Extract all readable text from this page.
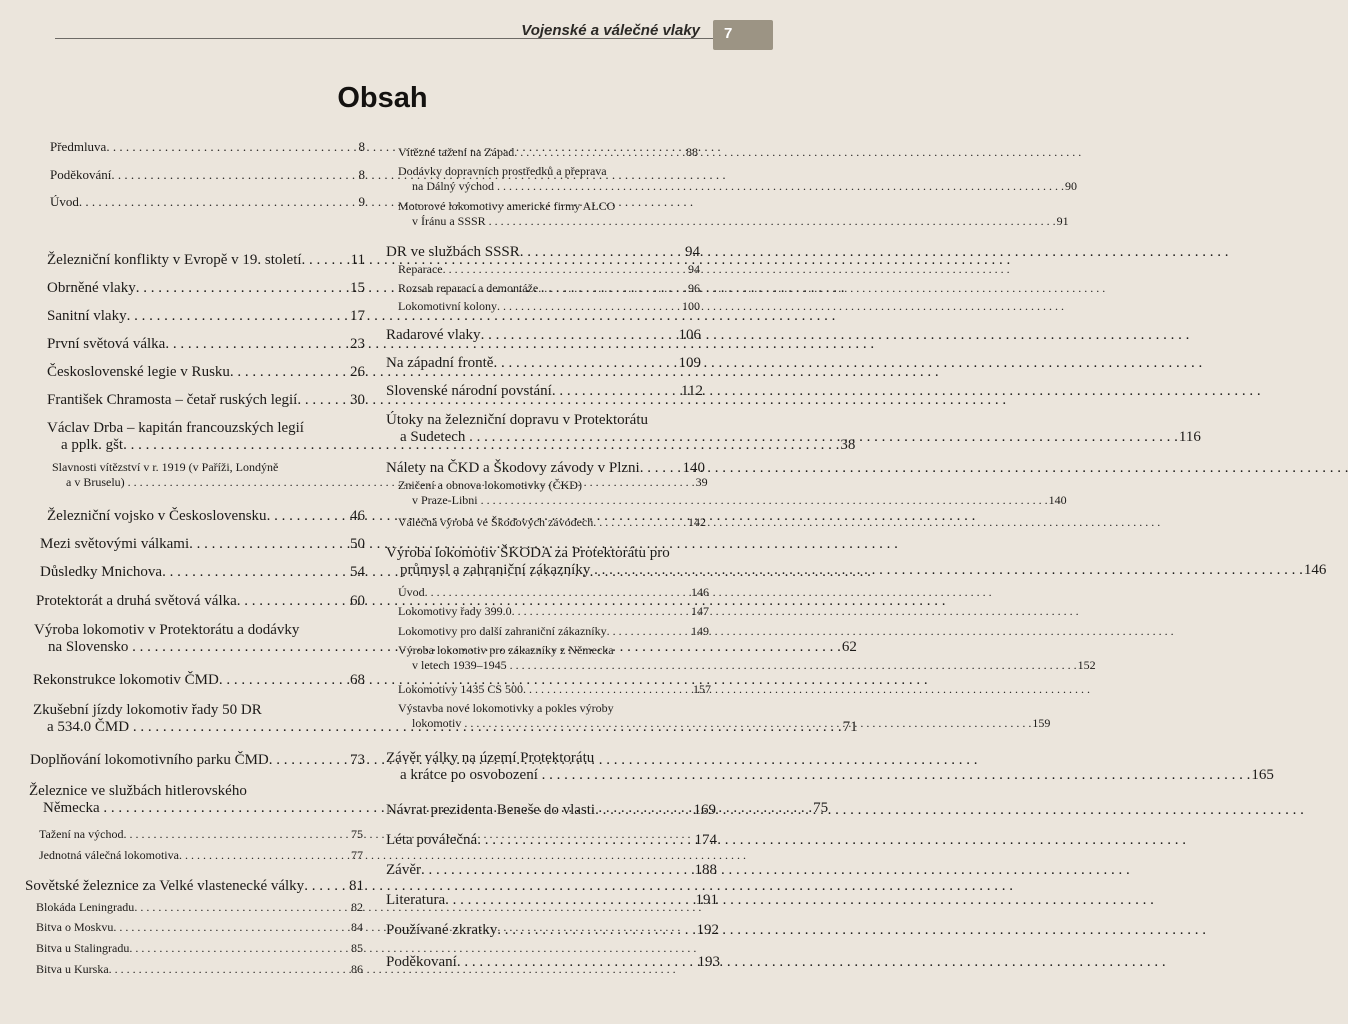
Vojenské a válečné vlaky 7
Obsah
Předmluva . . .	8
Poděkování . . .	8
Úvod . . .	9
Železniční konflikty v Evropě v 19. století . . .	11
Obrněné vlaky . . .	15
Sanitní vlaky . . .	17
První světová válka . . .	23
Československé legie v Rusku . . .	26
František Chramosta – četař ruských legií . . .	30
Václav Drba – kapitán francouzských legií
a pplk. gšt. . . .	38
Slavnosti vítězství v r. 1919 (v Paříži, Londýně
a v Bruselu) . . .	39
Železniční vojsko v Československu . . .	46
Mezi světovými válkami . . .	50
Důsledky Mnichova . . .	54
Protektorát a druhá světová válka . . .	60
Výroba lokomotiv v Protektorátu a dodávky
na Slovensko . . .	62
Rekonstrukce lokomotiv ČMD . . .	68
Zkušební jízdy lokomotiv řady 50 DR
a 534.0 ČMD . . .	71
Doplňování lokomotivního parku ČMD . . .	73
Železnice ve službách hitlerovského
Německa . . .	75
Tažení na východ . . .	75
Jednotná válečná lokomotiva . . .	77
Sovětské železnice za Velké vlastenecké války . . .	81
Blokáda Leningradu . . .	82
Bitva o Moskvu . . .	84
Bitva u Stalingradu . . .	85
Bitva u Kurska . . .	86
Vítězné tažení na Západ . . .	88
Dodávky dopravních prostředků a přeprava
na Dálný východ . . .	90
Motorové lokomotivy americké firmy ALCO
v Íránu a SSSR . . .	91
DR ve službách SSSR . . .	94
Reparace . . .	94
Rozsah reparací a demontáže . . .	96
Lokomotivní kolony . . .	100
Radarové vlaky . . .	106
Na západní frontě . . .	109
Slovenské národní povstání . . .	112
Útoky na železniční dopravu v Protektorátu
a Sudetech . . .	116
Nálety na ČKD a Škodovy závody v Plzni . . .	140
Zničení a obnova lokomotivky (ČKD)
v Praze-Libni . . .	140
Válečná výroba ve Škodových závodech . . .	142
Výroba lokomotiv ŠKODA za Protektorátu pro
průmysl a zahraniční zákazníky . . .	146
Úvod . . .	146
Lokomotivy řady 399.0 . . .	147
Lokomotivy pro další zahraniční zákazníky . . .	149
Výroba lokomotiv pro zákazníky z Německa
v letech 1939–1945 . . .	152
Lokomotivy 1435 CS 500 . . .	157
Výstavba nové lokomotivky a pokles výroby
lokomotiv . . .	159
Závěr války na území Protektorátu
a krátce po osvobození . . .	165
Návrat prezidenta Beneše do vlasti . . .	169
Léta poválečná . . .	174
Závěr . . .	188
Literatura . . .	191
Používané zkratky . . .	192
Poděkovaní . . .	193
